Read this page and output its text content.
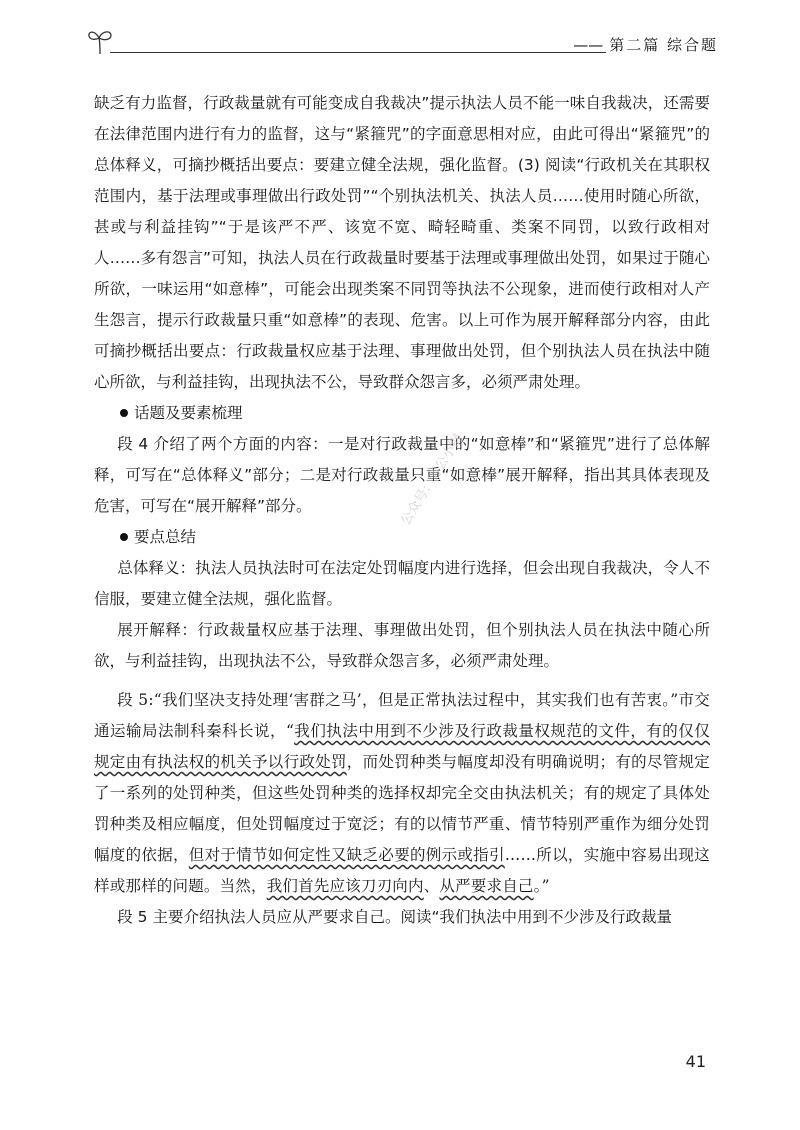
—— 第二篇 综合题

缺乏有力监督，行政裁量就有可能变成自我裁决”提示执法人员不能一味自我裁决，还需要在法律范围内进行有力的监督，这与“紧箍咒”的字面意思相对应，由此可得出“紧箍咒”的总体释义，可摘抄概括出要点：要建立健全法规，强化监督。(3) 阅读“行政机关在其职权范围内，基于法理或事理做出行政处罚”“个别执法机关、执法人员……使用时随心所欲，甚或与利益挂钩”“于是该严不严、该宽不宽、畸轻畸重、类案不同罚，以致行政相对人……多有怨言”可知，执法人员在行政裁量时要基于法理或事理做出处罚，如果过于随心所欲，一味运用“如意棒”，可能会出现类案不同罚等执法不公现象，进而使行政相对人产生怨言，提示行政裁量只重“如意棒”的表现、危害。以上可作为展开解释部分内容，由此可摘抄概括出要点：行政裁量权应基于法理、事理做出处罚，但个别执法人员在执法中随心所欲，与利益挂钩，出现执法不公，导致群众怨言多，必须严肃处理。

话题及要素梳理

段 4 介绍了两个方面的内容：一是对行政裁量中的“如意棒”和“紧箍咒”进行了总体解释，可写在“总体释义”部分；二是对行政裁量只重“如意棒”展开解释，指出其具体表现及危害，可写在“展开解释”部分。

要点总结

总体释义：执法人员执法时可在法定处罚幅度内进行选择，但会出现自我裁决，令人不信服，要建立健全法规，强化监督。

展开解释：行政裁量权应基于法理、事理做出处罚，但个别执法人员在执法中随心所欲，与利益挂钩，出现执法不公，导致群众怨言多，必须严肃处理。

段 5:“我们坚决支持处理‘害群之马’，但是正常执法过程中，其实我们也有苦衷。”市交通运输局法制科秦科长说，“我们执法中用到不少涉及行政裁量权规范的文件，有的仅仅规定由有执法权的机关予以行政处罚，而处罚种类与幅度却没有明确说明；有的尽管规定了一系列的处罚种类，但这些处罚种类的选择权却完全交由执法机关；有的规定了具体处罚种类及相应幅度，但处罚幅度过于宽泛；有的以情节严重、情节特别严重作为细分处罚幅度的依据，但对于情节如何定性又缺乏必要的例示或指引……所以，实施中容易出现这样或那样的问题。当然，我们首先应该刀刃向内、从严要求自己。”

段 5 主要介绍执法人员应从严要求自己。阅读“我们执法中用到不少涉及行政裁量

公众号：考公小钢
41
